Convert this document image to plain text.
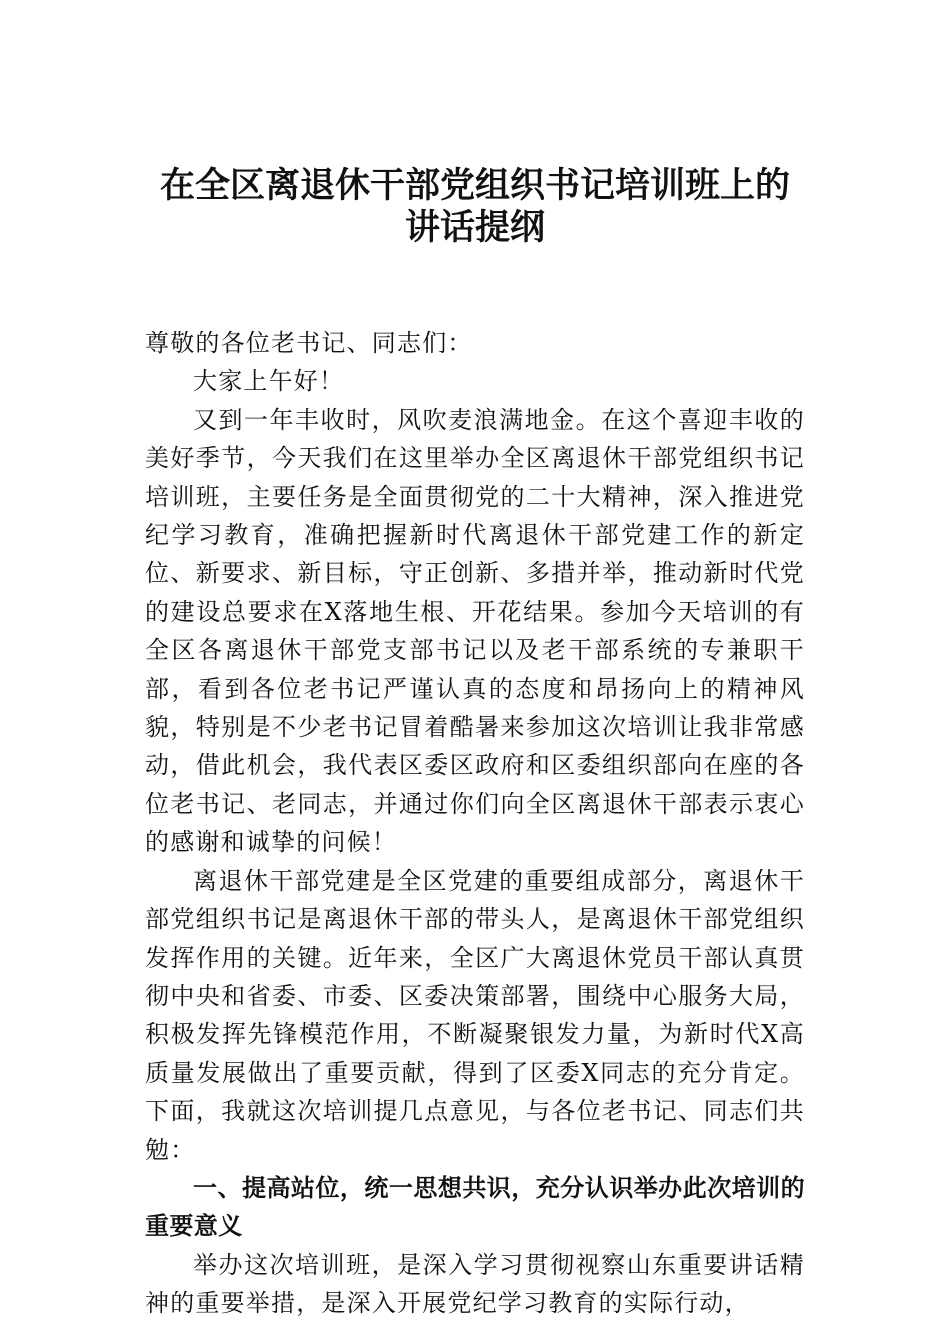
在全区离退休干部党组织书记培训班上的
讲话提纲

尊敬的各位老书记、同志们：

大家上午好！

又到一年丰收时，风吹麦浪满地金。在这个喜迎丰收的美好季节，今天我们在这里举办全区离退休干部党组织书记培训班，主要任务是全面贯彻党的二十大精神，深入推进党纪学习教育，准确把握新时代离退休干部党建工作的新定位、新要求、新目标，守正创新、多措并举，推动新时代党的建设总要求在X落地生根、开花结果。参加今天培训的有全区各离退休干部党支部书记以及老干部系统的专兼职干部，看到各位老书记严谨认真的态度和昂扬向上的精神风貌，特别是不少老书记冒着酷暑来参加这次培训让我非常感动，借此机会，我代表区委区政府和区委组织部向在座的各位老书记、老同志，并通过你们向全区离退休干部表示衷心的感谢和诚挚的问候！

离退休干部党建是全区党建的重要组成部分，离退休干部党组织书记是离退休干部的带头人，是离退休干部党组织发挥作用的关键。近年来，全区广大离退休党员干部认真贯彻中央和省委、市委、区委决策部署，围绕中心服务大局，积极发挥先锋模范作用，不断凝聚银发力量，为新时代X高质量发展做出了重要贡献，得到了区委X同志的充分肯定。下面，我就这次培训提几点意见，与各位老书记、同志们共勉：

一、提高站位，统一思想共识，充分认识举办此次培训的重要意义

举办这次培训班，是深入学习贯彻视察山东重要讲话精神的重要举措，是深入开展党纪学习教育的实际行动，
